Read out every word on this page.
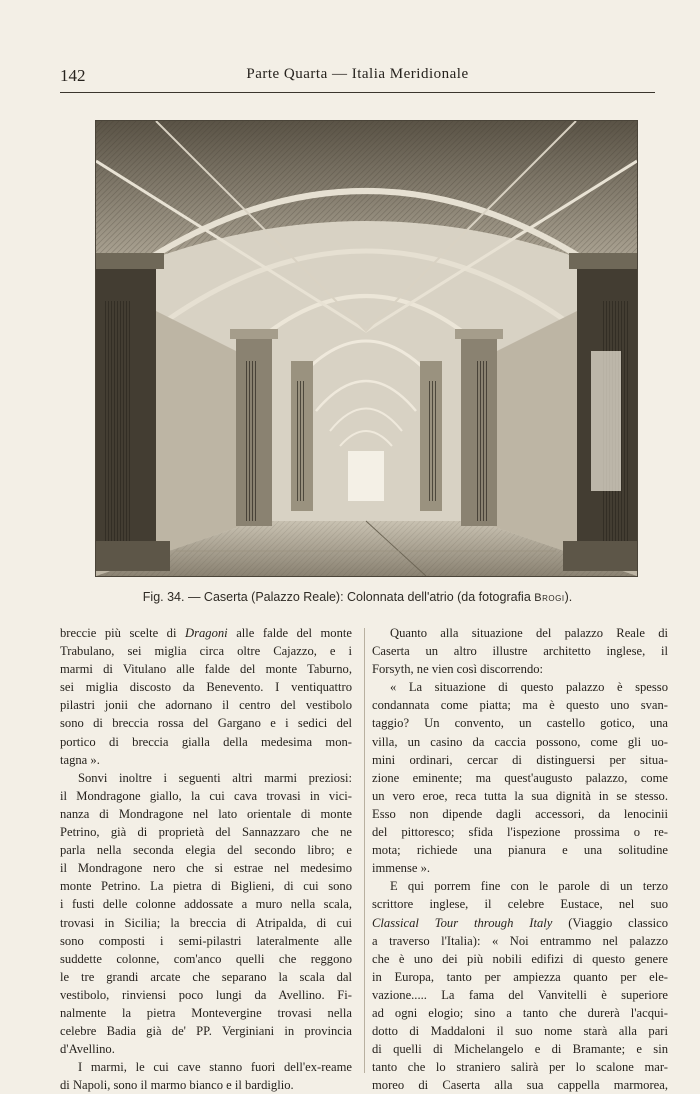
142	Parte Quarta — Italia Meridionale
Fig. 34. — Caserta (Palazzo Reale): Colonnata dell'atrio (da fotografia Brogi).
breccie più scelte di Dragoni alle falde del monte
Trabulano, sei miglia circa oltre Cajazzo, e i
marmi di Vitulano alle falde del monte Taburno,
sei miglia discosto da Benevento. I ventiquattro
pilastri jonii che adornano il centro del vestibolo
sono di breccia rossa del Gargano e i sedici del
portico di breccia gialla della medesima mon-
tagna ».
Sonvi inoltre i seguenti altri marmi preziosi:
il Mondragone giallo, la cui cava trovasi in vici-
nanza di Mondragone nel lato orientale di monte
Petrino, già di proprietà del Sannazzaro che ne
parla nella seconda elegia del secondo libro; e
il Mondragone nero che si estrae nel medesimo
monte Petrino. La pietra di Biglieni, di cui sono
i fusti delle colonne addossate a muro nella scala,
trovasi in Sicilia; la breccia di Atripalda, di cui
sono composti i semi-pilastri lateralmente alle
suddette colonne, com'anco quelli che reggono
le tre grandi arcate che separano la scala dal
vestibolo, rinviensi poco lungi da Avellino. Fi-
nalmente la pietra Montevergine trovasi nella
celebre Badia già de' PP. Verginiani in provincia
d'Avellino.
I marmi, le cui cave stanno fuori dell'ex-reame
di Napoli, sono il marmo bianco e il bardiglio.
Quanto alla situazione del palazzo Reale di
Caserta un altro illustre architetto inglese, il
Forsyth, ne vien così discorrendo:
« La situazione di questo palazzo è spesso
condannata come piatta; ma è questo uno svan-
taggio? Un convento, un castello gotico, una
villa, un casino da caccia possono, come gli uo-
mini ordinari, cercar di distinguersi per situa-
zione eminente; ma quest'augusto palazzo, come
un vero eroe, reca tutta la sua dignità in se stesso.
Esso non dipende dagli accessori, da lenocinii
del pittoresco; sfida l'ispezione prossima o re-
mota; richiede una pianura e una solitudine
immense ».
E qui porrem fine con le parole di un terzo
scrittore inglese, il celebre Eustace, nel suo
Classical Tour through Italy (Viaggio classico
a traverso l'Italia): « Noi entrammo nel palazzo
che è uno dei più nobili edifizi di questo genere
in Europa, tanto per ampiezza quanto per ele-
vazione..... La fama del Vanvitelli è superiore
ad ogni elogio; sino a tanto che durerà l'acqui-
dotto di Maddaloni il suo nome starà alla pari
di quelli di Michelangelo e di Bramante; e sin
tanto che lo straniero salirà per lo scalone mar-
moreo di Caserta alla sua cappella marmorea,
